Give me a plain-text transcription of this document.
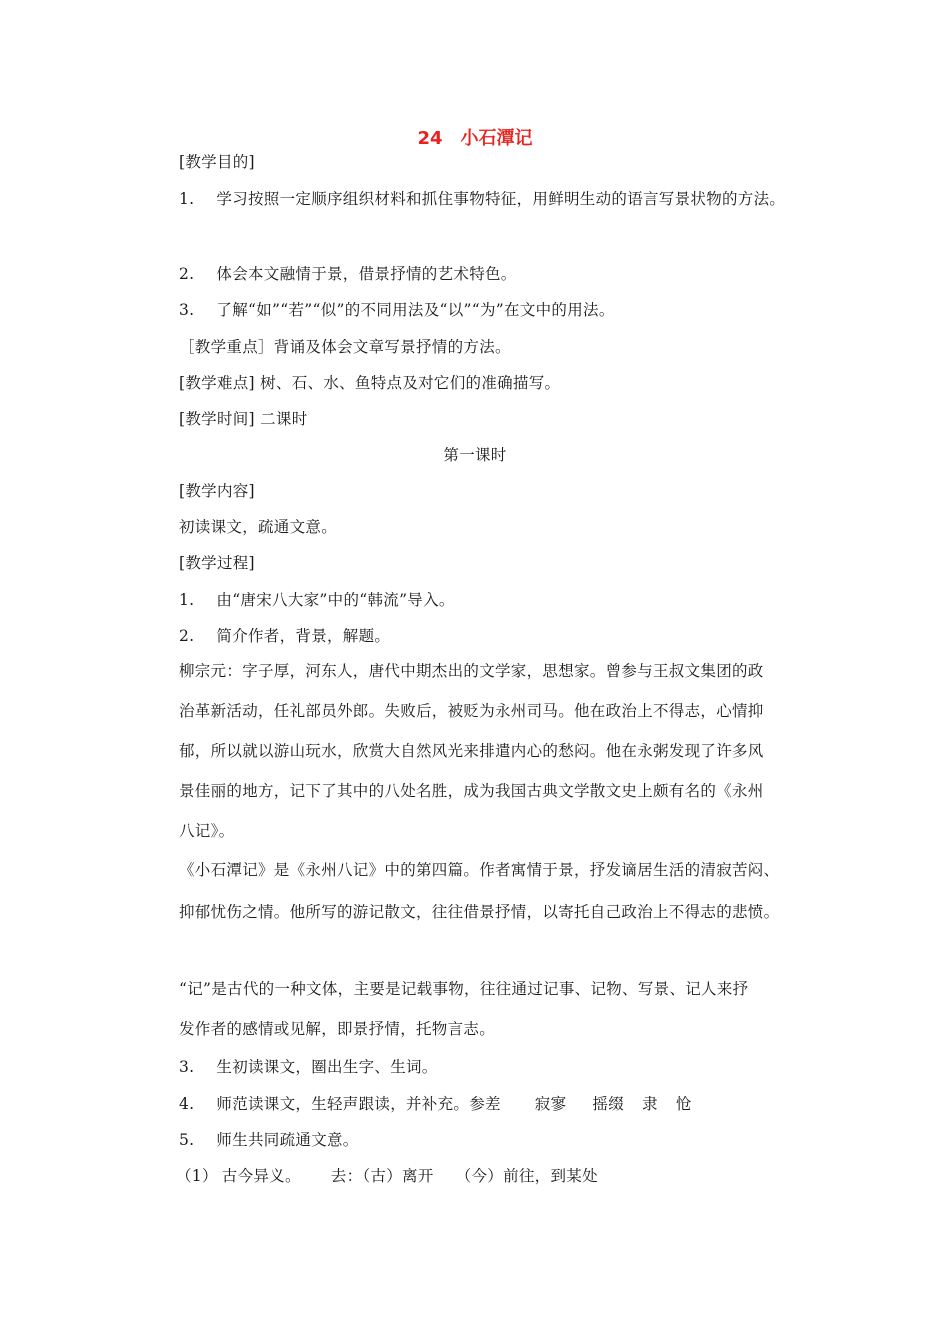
24 小石潭记
[教学目的]
1. 学习按照一定顺序组织材料和抓住事物特征，用鲜明生动的语言写景状物的方法。
2. 体会本文融情于景，借景抒情的艺术特色。
3. 了解“如”“若”“似”的不同用法及“以”“为”在文中的用法。
［教学重点］背诵及体会文章写景抒情的方法。
[教学难点] 树、石、水、鱼特点及对它们的准确描写。
[教学时间] 二课时
第一课时
[教学内容]
初读课文，疏通文意。
[教学过程]
1. 由“唐宋八大家”中的“韩流”导入。
2. 简介作者，背景，解题。
柳宗元：字子厚，河东人，唐代中期杰出的文学家，思想家。曾参与王叔文集团的政
治革新活动，任礼部员外郎。失败后，被贬为永州司马。他在政治上不得志，心情抑
郁，所以就以游山玩水，欣赏大自然风光来排遣内心的愁闷。他在永粥发现了许多风
景佳丽的地方，记下了其中的八处名胜，成为我国古典文学散文史上颇有名的《永州
八记》。
《小石潭记》是《永州八记》中的第四篇。作者寓情于景，抒发谪居生活的清寂苦闷、
抑郁忧伤之情。他所写的游记散文，往往借景抒情，以寄托自己政治上不得志的悲愤。
“记”是古代的一种文体，主要是记载事物，往往通过记事、记物、写景、记人来抒
发作者的感情或见解，即景抒情，托物言志。
3. 生初读课文，圈出生字、生词。
4. 师范读课文，生轻声跟读，并补充。参差 寂寥 摇缀 隶 怆
5. 师生共同疏通文意。
（1） 古今异义。 去：（古）离开 （今）前往，到某处
